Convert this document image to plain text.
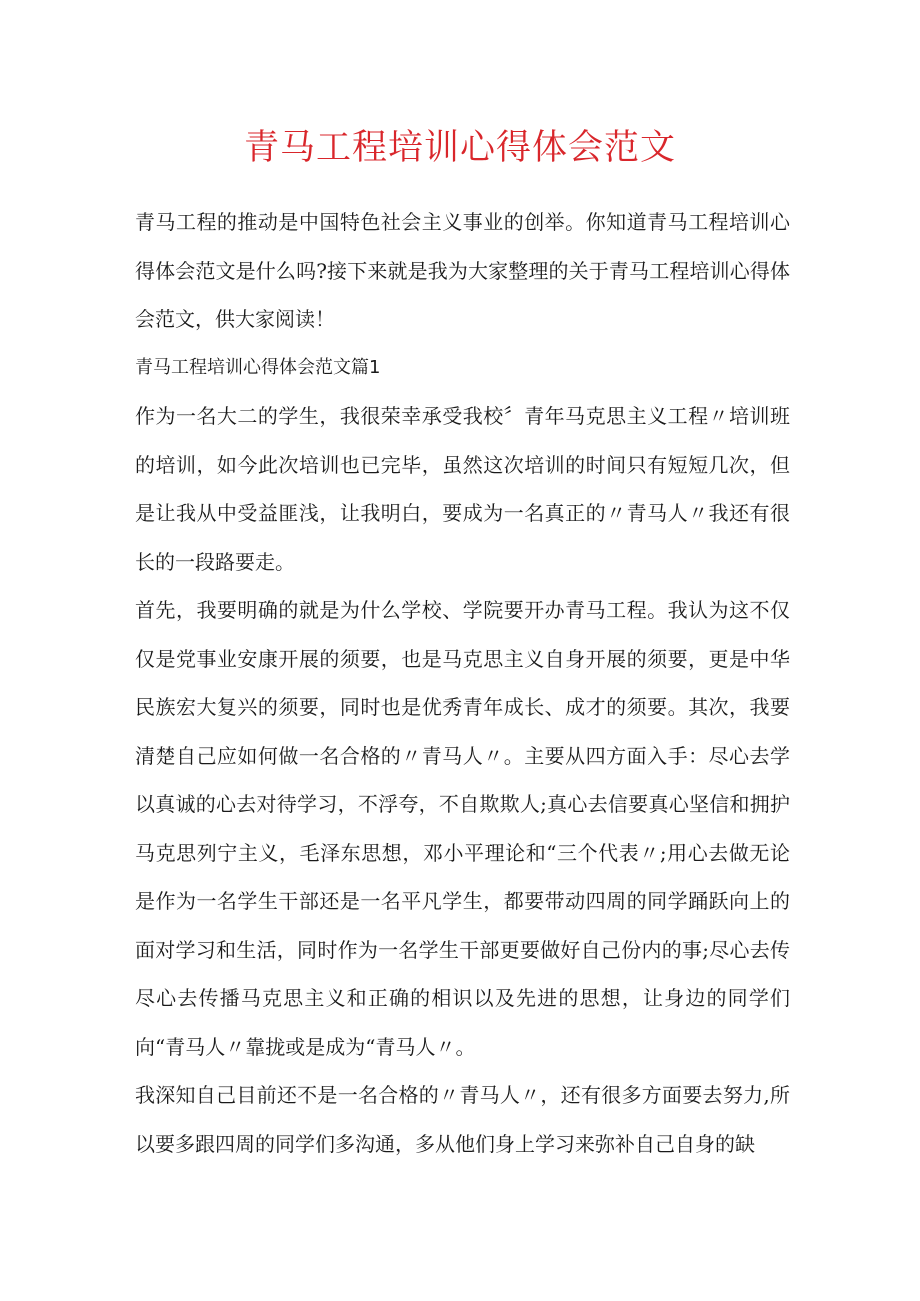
青马工程培训心得体会范文

青马工程的推动是中国特色社会主义事业的创举。你知道青马工程培训心得体会范文是什么吗?接下来就是我为大家整理的关于青马工程培训心得体会范文，供大家阅读！

青马工程培训心得体会范文篇1

作为一名大二的学生，我很荣幸承受我校〞青年马克思主义工程〃培训班的培训，如今此次培训也已完毕，虽然这次培训的时间只有短短几次，但是让我从中受益匪浅，让我明白，要成为一名真正的〃青马人〃我还有很长的一段路要走。

首先，我要明确的就是为什么学校、学院要开办青马工程。我认为这不仅仅是党事业安康开展的须要，也是马克思主义自身开展的须要，更是中华民族宏大复兴的须要，同时也是优秀青年成长、成才的须要。其次，我要清楚自己应如何做一名合格的〃青马人〃。主要从四方面入手：尽心去学以真诚的心去对待学习，不浮夸，不自欺欺人;真心去信要真心坚信和拥护马克思列宁主义，毛泽东思想，邓小平理论和“三个代表〃;用心去做无论是作为一名学生干部还是一名平凡学生，都要带动四周的同学踊跃向上的面对学习和生活，同时作为一名学生干部更要做好自己份内的事;尽心去传尽心去传播马克思主义和正确的相识以及先进的思想，让身边的同学们向“青马人〃靠拢或是成为“青马人〃。

我深知自己目前还不是一名合格的〃青马人〃，还有很多方面要去努力,所以要多跟四周的同学们多沟通，多从他们身上学习来弥补自己自身的缺
